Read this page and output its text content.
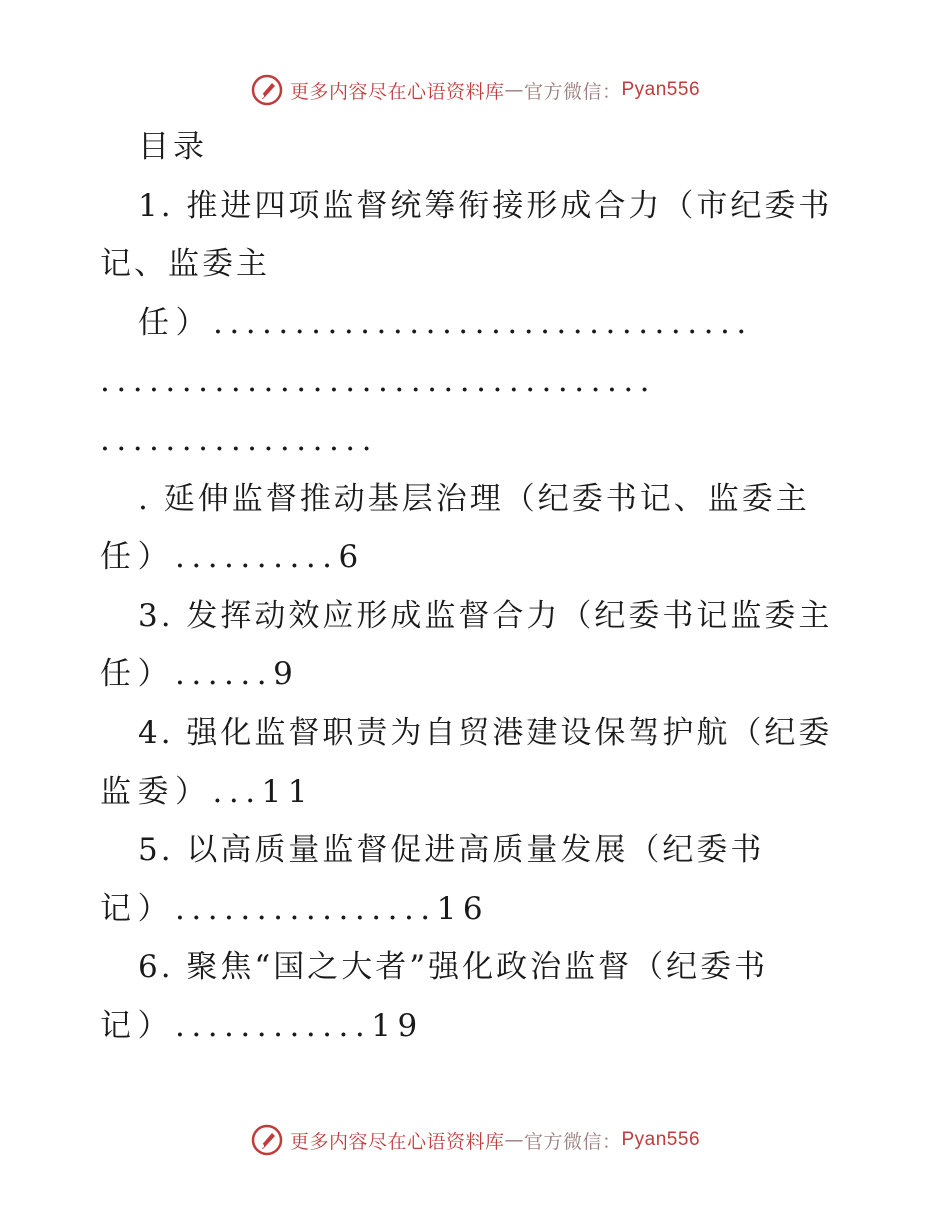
更多内容尽在心语资料库 — 官方微信： Pyan556
目录
1. 推进四项监督统筹衔接形成合力（市纪委书
记、监委主
任）.................................
..................................
.................
. 延伸监督推动基层治理（纪委书记、监委主
任）..........6
3. 发挥动效应形成监督合力（纪委书记监委主
任）......9
4. 强化监督职责为自贸港建设保驾护航（纪委
监委）...11
5. 以高质量监督促进高质量发展（纪委书
记）................16
6. 聚焦“国之大者”强化政治监督（纪委书
记）............19
更多内容尽在心语资料库 — 官方微信： Pyan556
